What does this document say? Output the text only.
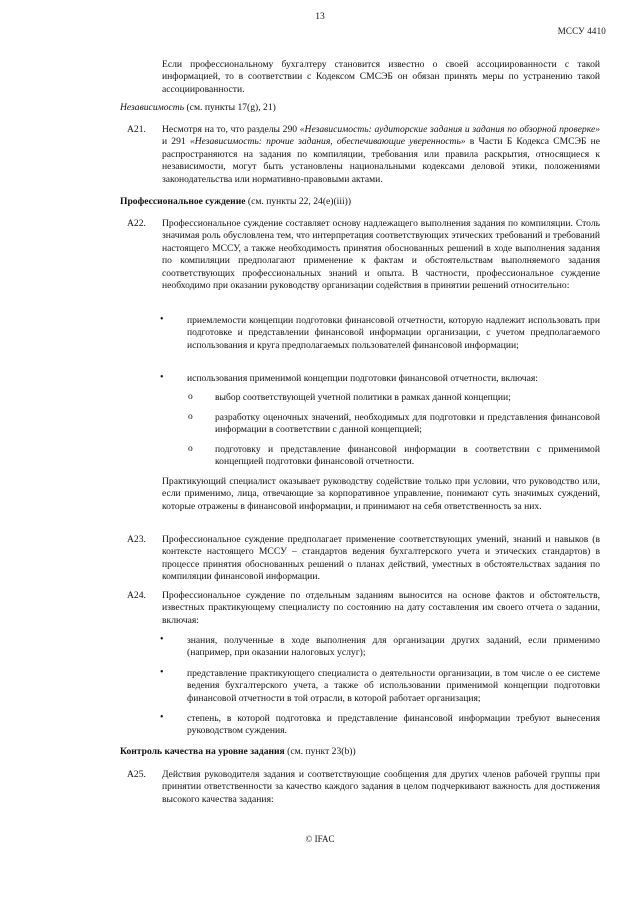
13
МССУ 4410
Если профессиональному бухгалтеру становится известно о своей ассоциированности с такой информацией, то в соответствии с Кодексом СМСЭБ он обязан принять меры по устранению такой ассоциированности.
Независимость (см. пункты 17(g), 21)
A21. Несмотря на то, что разделы 290 «Независимость: аудиторские задания и задания по обзорной проверке» и 291 «Независимость: прочие задания, обеспечивающие уверенность» в Части Б Кодекса СМСЭБ не распространяются на задания по компиляции, требования или правила раскрытия, относящиеся к независимости, могут быть установлены национальными кодексами деловой этики, положениями законодательства или нормативно-правовыми актами.
Профессиональное суждение (см. пункты 22, 24(e)(iii))
A22. Профессиональное суждение составляет основу надлежащего выполнения задания по компиляции. Столь значимая роль обусловлена тем, что интерпретация соответствующих этических требований и требований настоящего МССУ, а также необходимость принятия обоснованных решений в ходе выполнения задания по компиляции предполагают применение к фактам и обстоятельствам выполняемого задания соответствующих профессиональных знаний и опыта. В частности, профессиональное суждение необходимо при оказании руководству организации содействия в принятии решений относительно:
• приемлемости концепции подготовки финансовой отчетности, которую надлежит использовать при подготовке и представлении финансовой информации организации, с учетом предполагаемого использования и круга предполагаемых пользователей финансовой информации;
• использования применимой концепции подготовки финансовой отчетности, включая:
o выбор соответствующей учетной политики в рамках данной концепции;
o разработку оценочных значений, необходимых для подготовки и представления финансовой информации в соответствии с данной концепцией;
o подготовку и представление финансовой информации в соответствии с применимой концепцией подготовки финансовой отчетности.
Практикующий специалист оказывает руководству содействие только при условии, что руководство или, если применимо, лица, отвечающие за корпоративное управление, понимают суть значимых суждений, которые отражены в финансовой информации, и принимают на себя ответственность за них.
A23. Профессиональное суждение предполагает применение соответствующих умений, знаний и навыков (в контексте настоящего МССУ – стандартов ведения бухгалтерского учета и этических стандартов) в процессе принятия обоснованных решений о планах действий, уместных в обстоятельствах задания по компиляции финансовой информации.
A24. Профессиональное суждение по отдельным заданиям выносится на основе фактов и обстоятельств, известных практикующему специалисту по состоянию на дату составления им своего отчета о задании, включая:
• знания, полученные в ходе выполнения для организации других заданий, если применимо (например, при оказании налоговых услуг);
• представление практикующего специалиста о деятельности организации, в том числе о ее системе ведения бухгалтерского учета, а также об использовании применимой концепции подготовки финансовой отчетности в той отрасли, в которой работает организация;
• степень, в которой подготовка и представление финансовой информации требуют вынесения руководством суждения.
Контроль качества на уровне задания (см. пункт 23(b))
A25. Действия руководителя задания и соответствующие сообщения для других членов рабочей группы при принятии ответственности за качество каждого задания в целом подчеркивают важность для достижения высокого качества задания:
© IFAC
